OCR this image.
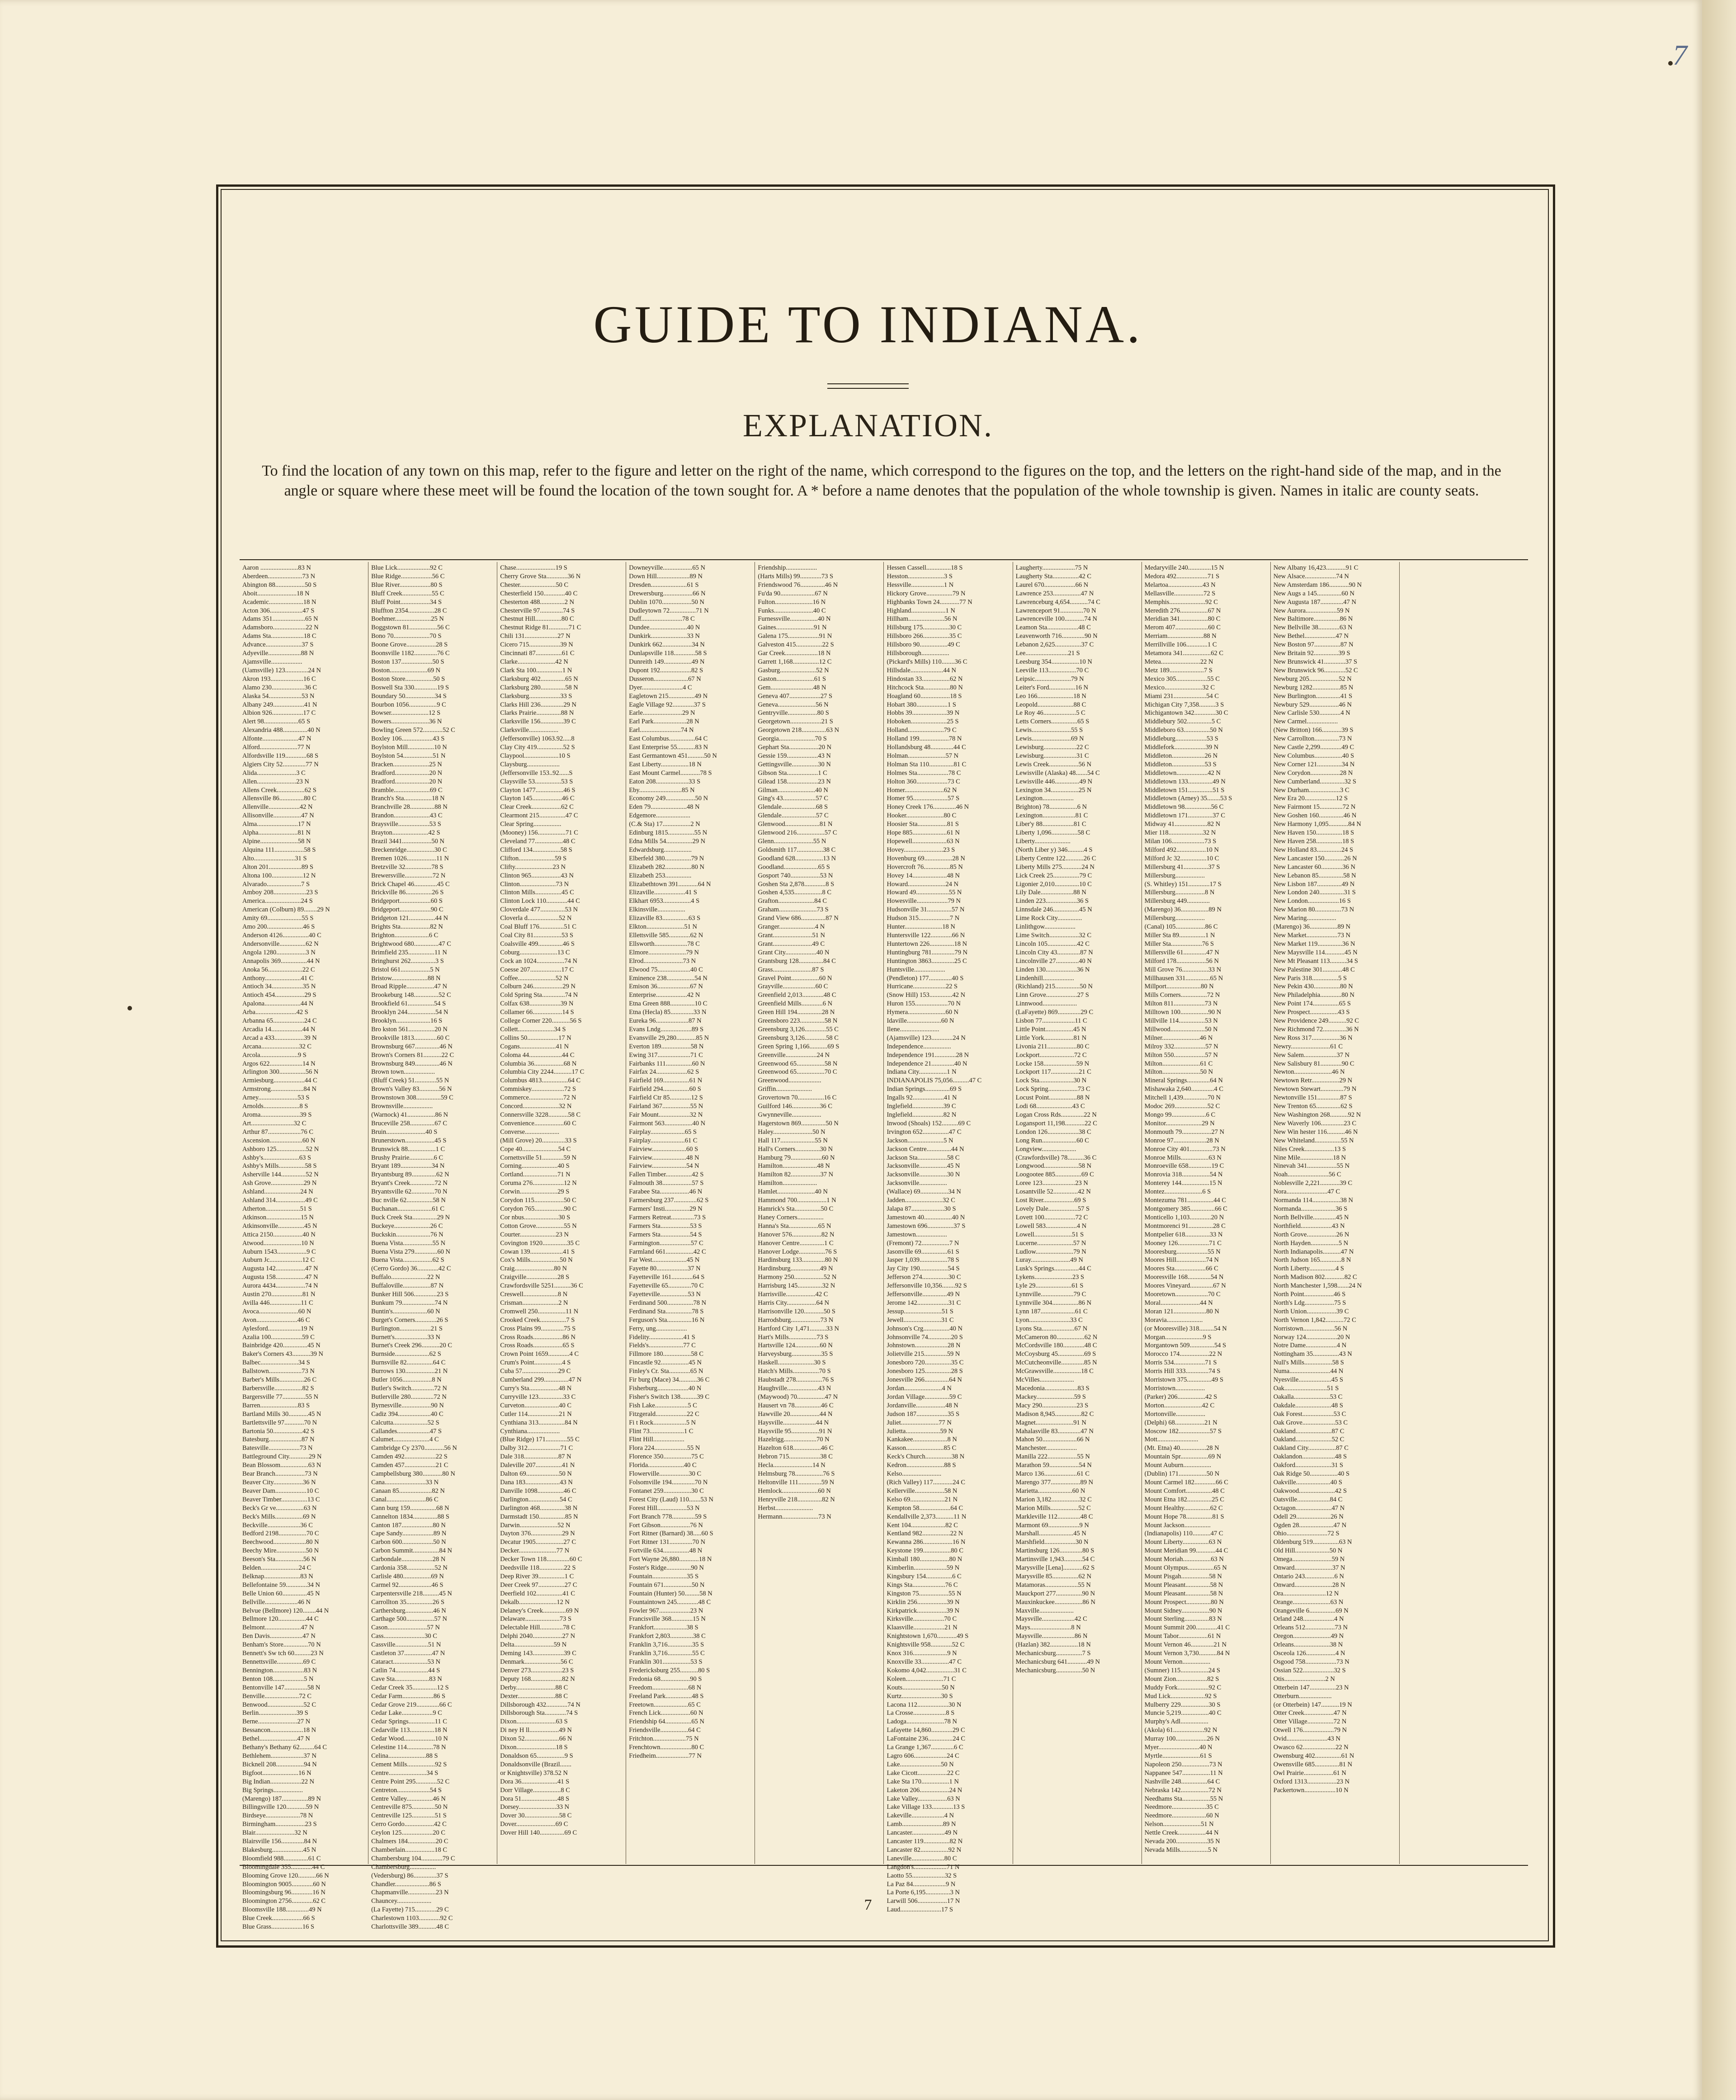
7
GUIDE TO INDIANA.
EXPLANATION.
To find the location of any town on this map, refer to the figure and letter on the right of the name, which correspond to the figures on the top, and the letters on the right-hand side of the map, and in the angle or square where these meet will be found the location of the town sought for. A * before a name denotes that the population of the whole township is given. Names in italic are county seats.
Aaron .......................83 N
Aberdeen.....................73 N
Abington 88..................50 S
Aboit........................18 N
Academic.....................18 N
Acton 306....................47 S
Adams 351....................65 N
Adamsboro....................22 N
Adams Sta....................18 C
Advance......................37 S
Adyeville....................88 N
Ajamsville...................
(Uamsville) 123..............24 N
Akron 193....................16 C
Alamo 230....................36 C
Alaska 54....................53 N
Albany 249...................41 N
Albion 926...................17 C
Alert 98.....................65 S
Alexandria 488...............40 N
Alfonte......................47 N
Alford.......................77 N
Alfordsville 119.............68 S
Algiers City 52..............77 N
Alida........................3 C
Allen........................23 N
Allens Creek.................62 S
Allensville 86...............80 C
Allenville...................42 N
Allisonville.................47 N
Alma.........................17 N
Alpha........................81 N
Alpine.......................58 N
Alquina 111..................58 S
Alto.........................31 S
Alton 201....................89 S
Altona 100...................12 N
Alvarado.....................7 S
Amboy 208....................23 S
America......................24 S
American (Colburn) 89........29 N
Amity 69.....................55 S
Amo 200......................46 S
Anderson 4126................40 C
Andersonville................62 N
Angola 1280..................3 N
Annapolis 369................44 N
Anoka 56.....................22 C
Anthony......................41 C
Antioch 34...................35 N
Antioch 454..................29 S
Apalona......................44 N
Arba.........................42 S
Arbanna 65...................24 C
Arcadia 14...................44 N
Arcad a 433..................39 N
Arcana.......................32 C
Arcola.......................9 S
Argos 622....................14 N
Arlington 300................56 N
Armiesburg...................44 C
Armstrong....................84 N
Arney........................53 S
Arnolds......................8 S
Aroma........................39 S
Art..........................32 C
Arthur 87....................76 C
Ascension....................60 N
Ashboro 125..................52 N
Ashby's......................63 S
Ashby's Mills................58 S
Asherville 144...............52 N
Ash Grove....................29 N
Ashland......................24 N
Ashland 314..................49 C
Atherton.....................51 S
Atkinson.....................15 N
Atkinsonville................45 N
Attica 2150..................40 N
Atwood.......................10 N
Auburn 1543..................9 C
Auburn Jc....................12 C
Augusta 142..................47 N
Augusta 158..................47 N
Aurora 4434..................74 N
Austin 270...................81 N
Avilla 446...................11 C
Avoca........................60 N
Avon.........................46 C
Aylesford....................19 N
Azalia 100...................59 C
Bainbridge 420...............45 N
Baker's Corners 43...........39 N
Balbec.......................34 S
Ballstown....................73 N
Barber's Mills...............26 C
Barbersville.................82 S
Bargersville 77..............55 N
Barren.......................83 S
Bartland Mills 30............45 N
Bartlettsville 97............70 N
Bartonia 50..................42 S
Batesburg....................87 N
Batesville...................73 N
Battleground City............29 N
Bean Blossom.................63 N
Bear Branch..................73 N
Beaver City..................36 N
Beaver Dam...................10 C
Beaver Timber................13 C
Beck's Gr ve.................63 N
Beck's Mills.................69 N
Beckville....................36 C
Bedford 2198.................70 C
Beechwood....................80 N
Beechy Mire..................50 N
Beeson's Sta.................56 N
Belden.......................24 C
Belknap......................83 N
Bellefontaine 59.............34 N
Belle Union 60...............45 N
Bellville....................46 N
Belvue (Bellmore) 120........44 N
Bellmore 120.................44 C
Belmont......................47 N
Ben Davis....................47 N
Benham's Store...............70 N
Bennett's Sw tch 60..........23 N
Bennettsville................69 C
Bennington...................83 N
Benton 108...................5 N
Bentonville 147..............58 N
Benville.....................72 C
Benwood......................52 C
Berlin.......................39 S
Berne........................27 N
Bessancon....................18 N
Bethel.......................47 N
Bethany's Bethany 62.........64 C
Bethlehem....................37 N
Bicknell 208.................94 N
Bigfoot......................16 N
Big Indian...................22 N
Big Springs..................
(Marengo) 187................89 N
Billingsville 120............59 N
Birdseye.....................78 N
Birmingham..................23 S
Blair........................32 N
Blairsville 156..............84 N
Blakesburg...................45 N
Bloomfield 988...............61 C
Bloomingdale 355.............44 C
Blooming Grove 120...........66 N
Bloomington 9005.............60 N
Bloomingsburg 96.............16 N
Bloomington 2756.............62 C
Bloomsville 188..............49 N
Blue Creek...................66 S
Blue Grass...................16 S
Blue Lick....................92 C
Blue Ridge...................56 C
Blue River...................80 S
Bluff Creek..................55 C
Bluff Point..................34 S
Bluffton 2354................28 C
Boehmer......................25 N
Boggstown 81.................56 C
Bono 70......................70 S
Boone Grove..................28 S
Boonsville 1182..............76 C
Boston 137...................50 S
Boston.......................69 N
Boston Store.................50 S
Boswell Sta 330..............19 S
Boundary 50..................34 S
Bourbon 1056.................9 C
Bowser.......................12 S
Bowers.......................36 N
Bowling Green 572............52 C
Boxley 106...................43 S
Boylston Mill................10 N
Boylston 54..................51 N
Bracken......................25 N
Bradford.....................20 N
Bradford.....................20 N
Bramble......................69 C
Branch's Sta.................18 N
Branchville 28...............88 N
Brandon......................43 C
Braysville...................53 S
Brayton......................42 S
Brazil 3441..................50 N
Breckenridge.................30 C
Bremen 1026..................11 N
Bretzville 32................78 S
Brewersville.................72 N
Brick Chapel 46..............45 C
Brickville 86................26 S
Bridgeport...................60 S
Bridgeport...................90 C
Bridgeton 121................44 N
Brights Sta..................82 N
Brighton.....................6 C
Brightwood 680...............47 C
Brimfield 235................11 N
Bringhurst 262...............3 S
Bristol 661..................5 N
Bristow......................88 N
Broad Ripple.................47 N
Brookeburg 148...............52 C
Brookfield 61................54 S
Brooklyn 244.................54 N
Brooklyn.....................16 S
Bro kston 561................20 N
Brookville 1813..............60 C
Brownsburg 667...............46 N
Brown's Corners 81...........22 C
Brownsburg 849...............46 N
Brown town...................
(Bluff Creek) 51.............55 N
Brown's Valley 83............56 N
Brownstown 308...............59 C
Brownsville..................
(Warnock) 41.................86 N
Bruceville 258...............67 C
Bruin........................40 S
Brunerstown..................45 S
Brunswick 88.................1 C
Brushy Prairie...............6 C
Bryant 189...................34 N
Bryantsburg 89...............62 N
Bryant's Creek...............72 N
Bryantsville 62..............70 N
Buc nville 62................58 N
Buchanan.....................61 C
Buck Creek Sta...............29 N
Buckeye......................26 C
Buckskin.....................76 N
Buena Vista..................55 N
Buena Vista 279..............60 N
Buena Vista..................62 S
(Cerro Gordo) 36.............42 C
Buffalo......................22 N
Buffaloville.................87 N
Bunker Hill 506..............23 S
Bunkum 79....................74 N
Buntin's.....................60 N
Burget's Corners.............26 S
Burlington...................21 S
Burnett's....................33 N
Burnet's Creek 296...........20 C
Burnside.....................62 S
Burnsville 82................64 C
Burrows 130..................21 N
Butler 1056..................8 N
Butler's Switch..............72 N
Butlerville 280..............72 N
Byrnesville..................90 N
Cadiz 394....................40 C
Calcutta.....................52 S
Callandes....................47 S
Calumet......................4 C
Cambridge Cy 2370............56 N
Camden 492...................22 S
Camden 457...................21 C
Campbellsburg 380............80 N
Cana.........................33 N
Canaan 85....................82 N
Canal........................86 C
Cann burg 159................68 N
Cannelton 1834...............88 S
Canton 187...................80 N
Cape Sandy...................89 N
Carbon 600...................50 N
Carbon Summit................84 N
Carbondale...................28 N
Cardonia 358.................52 N
Carlisle 480.................69 N
Carmel 92....................46 S
Carpentersville 218..........45 N
Carrollton 35................26 S
Carthersburg.................46 N
Carthage 500.................57 N
Cason........................57 N
Cass.........................30 C
Cassville....................51 N
Castleton 37.................47 N
Cataract.....................53 N
Catlin 74....................44 S
Cave Sta.....................83 N
Cedar Creek 35...............12 S
Cedar Farm...................86 S
Cedar Grove 219..............66 C
Cedar Lake...................9 C
Cedar Springs................11 C
Cedarville 113...............18 N
Cedar Wood...................10 N
Celestine 114................78 N
Celina.......................88 S
Cement Mills.................92 S
Centre.......................34 S
Centre Point 295.............52 C
Centreton....................54 S
Centre Valley................46 N
Centreville 875..............50 N
Centreville 125..............51 S
Cerro Gordo..................42 C
Ceylon 125...................20 C
Chalmers 184.................20 C
Chamberlain..................18 C
Chambersburg 104.............79 C
Chambersburg................
(Vedersburg) 86..............37 S
Chandler.....................86 S
Chapmanville.................23 N
Chauncey.....................
(La Fayette) 715.............29 C
Charlestown 1103.............92 C
Charlottsville 389...........48 C
Chase........................19 S
Cherry Grove Sta.............36 N
Chester......................50 C
Chesterfield 150.............40 C
Chesterton 488...............2 N
Chesterville 97..............74 S
Chestnut Hill................80 C
Chestnut Ridge 81............71 C
Chili 131....................27 N
Cicero 715...................39 N
Cincinnati 87................61 C
Clarke.......................42 N
Clark Sta 100................1 N
Clarksburg 402...............65 N
Clarksburg 280...............58 N
Clarksburg...................33 S
Clarks Hill 236..............29 N
Clarks Prairie...............88 N
Clarksville 156..............39 C
Clarksville..................
(Jeffersonville) 1063.92.....8
Clay City 419................52 S
Claypool.....................10 S
Claysburg....................
(Jeffersonville 153..92......S
Claysville 53................53 S
Clayton 1477.................46 S
Clayton 145..................46 C
Clear Creek..................62 C
Clearmont 215................47 C
Clear Spring.................
(Mooney) 156.................71 C
Cleveland 77.................48 C
Clifford 134.................58 S
Clifton......................59 S
Clifty.......................23 N
Clinton 965..................43 N
Clinton......................73 N
Clinton Mills................45 C
Clinton Lock 110.............44 C
Cloverdale 477...............53 N
Cloverla d...................52 N
Coal Bluff 176...............51 C
Coal City 81.................53 S
Coalsville 499...............46 S
Coburg.......................13 C
Cock an 1024.................74 N
Coesse 207...................17 C
Coffee.......................52 N
Colburn 246..................29 N
Cold Spring Sta..............74 N
Colfax 638...................39 N
Collamer 66..................14 S
College Corner 220...........56 S
Collett......................34 S
Collins 50...................17 N
Cogans......................41 N
Coloma 44....................44 C
Columbia 36..................68 N
Columbia City 2244...........17 C
Columbus 4813................64 C
Commiskey....................72 S
Commerce.....................72 N
Concord......................32 N
Connersville 3228............58 C
Convenience..................60 C
Converse.....................
(Mill Grove) 20..............33 S
Cope 40......................54 C
Cornettsville 51.............59 N
Corning......................40 S
Cortland.....................71 N
Coruma 276...................12 N
Corwin.......................29 S
Corydon 115..................50 C
Corydon 765..................90 C
Cor nbus.....................30 S
Cotton Grove.................55 N
Courter......................23 N
Covington 1920...............35 C
Cowan 139....................41 S
Cox's Mills..................50 N
Craig........................80 N
Craigville...................28 S
Crawfordsville 5251..........36 C
Creswell.....................8 N
Crisman......................2 N
Cromwell 250.................11 N
Crooked Creek................7 S
Cross Plains 99..............75 S
Cross Roads..................86 N
Cross Roads..................65 S
Crown Point 1659.............4 C
Crum's Point.................4 S
Cuba 57......................29 C
Cumberland 299...............47 N
Curry's Sta..................48 N
Curryville 123...............33 C
Curveton.....................40 C
Cutler 114...................21 N
Cynthiana 313................84 N
Cynthiana....................
(Blue Ridge) 171.............55 C
Dalby 312....................71 C
Dale 318.....................87 N
Daleville 207................41 N
Dalton 69....................50 N
Dana 183.....................43 N
Danville 1098................46 C
Darlington...................54 C
Darlington 468...............38 N
Darmstadt 150................85 N
Darwin.......................52 N
Dayton 376...................29 N
Decatur 1905.................27 C
Decker.......................77 N
Decker Town 118..............60 C
Deedsville 118...............22 S
Deep River 39................1 C
Deer Creek 97................27 C
Deerfield 102................41 C
Dekalb.......................12 N
Delaney's Creek..............69 N
Delaware.....................73 S
Delectable Hill..............78 C
Delphi 2040..................27 N
Delta........................59 N
Deming 143...................39 C
Denmark......................56 C
Denver 273...................23 S
Deputy 168...................82 N
Derby........................88 C
Dexter.......................88 C
Dillsborough 432.............74 N
Dillsborough Sta.............74 S
Dixon........................63 S
Di ney H ll..................49 N
Dixon 52.....................66 N
Dixon........................18 S
Donaldson 65.................9 S
Donaldsonville (Brazil.......
or Knightsville) 378.52 N
Dora 36......................41 S
Dorr Village.................8 C
Dora 51......................48 S
Dorsey.......................33 N
Dover 30.....................58 C
Dover........................69 C
Dover Hill 140...............69 C
Downeyville..................65 N
Down Hill....................89 N
Dresden......................61 S
Drewersburg..................66 N
Dublin 1070..................50 N
Dudleytown 72................71 N
Duff.........................78 C
Dundee.......................40 N
Dunkirk......................33 N
Dunkirk 662..................34 N
Dunlapsville 118.............58 S
Dunreith 149.................49 N
Dupont 192...................82 S
Dusseron.....................67 N
Dyer.........................4 C
Eagletown 215................49 N
Eagle Village 92.............37 S
Earle........................29 N
Earl Park....................28 N
Earl.........................74 N
East Columbus................64 C
East Enterprise 55...........83 N
East Germantown 451..........50 N
East Liberty.................18 N
East Mount Carmel............78 S
Eaton 208....................33 S
Eby..........................85 N
Economy 249..................50 N
Eden 79......................48 N
Edgemore.....................
(C.& Sta) 17.................2 N
Edinburg 1815................55 N
Edna Mills 54................29 N
Edwardsburg.................
Elberfeld 380................79 N
Elizabeth 282................80 N
Elizabeth 253................
Elizabethtown 391............64 N
Elizaville...................41 S
Elkhart 6953.................4 S
Elkinsville.................
Elizaville 83................63 S
Elkton.......................51 N
Ellettsville 585.............62 N
Ellsworth....................78 C
Elmore.......................79 N
Elrod........................73 N
Elwood 75....................40 C
Eminence 238.................54 N
Emison 36....................67 N
Enterprise...................42 N
Etna Green 888...............10 C
Etna (Hecla) 85..............33 N
Eureka 96....................87 N
Evans Lndg...................89 S
Evansville 29,280............85 N
Everton 189..................58 N
Ewing 317....................71 C
Fairbanks 111................60 N
Fairfax 24...................62 S
Fairfield 169................61 N
Fairfield 294................60 S
Fairfield Ctr 85.............12 S
Fairland 367.................55 N
Fair Mount...................32 N
Fairmont 563.................40 N
Fairplay.....................65 S
Fairplay.....................61 C
Fairview.....................60 S
Fairview.....................48 N
Fairview.....................54 N
Fallen Timber................42 S
Falmouth 38..................57 S
Farabee Sta..................46 N
Farmersburg 237..............62 S
Farmers' Insti...............29 N
Farmers Retreat..............73 S
Farmers Sta..................53 S
Farmers Sta..................54 S
Farmington...................57 C
Farmland 661.................42 C
Far West.....................45 N
Fayette 80...................37 N
Fayetteville 161.............64 S
Fayetteville 65..............70 C
Fayetteville.................53 N
Ferdinand 500................78 N
Ferdinand Sta................78 S
Ferguson's Sta...............16 N
Ferry, ung...................
Fidelity.....................41 S
Fields's.....................77 C
Fillmore 180.................58 C
Fincastle 92.................45 N
Finley's Cr. Sta.............65 N
Fir burg (Mace) 34...........36 C
Fisherburg...................40 N
Fisher's Switch 138..........39 C
Fish Lake....................5 C
Fitzgerald...................22 C
Fi t Rock....................5 N
Flint 73.....................1 C
Flint Hill...................
Flora 224....................55 N
Florence 350.................75 C
Florida......................40 C
Flowerville..................30 C
Folsomville 194..............70 N
Fontanet 259.................30 C
Forest City (Laud) 110.......53 N
Forest Hill..................53 N
Fort Branch 778..............59 S
Fort Gibson..................76 N
Fort Ritner (Barnard) 38.....60 S
Fort Ritner 131..............70 N
Fortville 634................48 N
Fort Wayne 26,880............18 N
Foster's Ridge...............90 N
Fountain.....................35 S
Fountain 671.................50 N
Fountain (Hunter) 50.........58 N
Fountaintown 245.............48 C
Fowler 967...................23 N
Francisville 368.............15 N
Frankfort....................38 S
Frankfort 2,803..............38 C
Franklin 3,716...............35 S
Franklin 3,716...............55 C
Franklin 301.................53 S
Fredericksburg 255...........80 S
Fredonia 68..................90 S
Freedom......................68 N
Freeland Park................48 S
Freetown.....................65 C
French Lick..................60 N
Friendship 64................65 N
Friendsville.................64 C
Fritchton....................75 N
Frenchtown...................80 C
Friedheim....................77 N
Friendship...................
(Harts Mills) 99.............73 S
Friendswood 76...............46 N
Fu'da 90.....................67 N
Fulton.......................16 N
Funks........................40 C
Furnessville.................40 N
Gaines.......................91 N
Galena 175...................91 N
Galveston 415................22 S
Gar Creek....................18 N
Garrett 1,168................12 C
Gasburg......................52 N
Gaston.......................61 S
Gem..........................48 N
Geneva 407...................27 S
Geneva.......................56 N
Gentryville..................80 S
Georgetown...................21 S
Georgetown 218...............63 N
Georgia......................70 S
Gephart Sta..................20 N
Gessie 159...................43 N
Gettingsville................30 N
Gibson Sta...................1 C
Gilead 158...................23 N
Gilman.......................40 N
Ging's 43....................57 C
Glendale.....................68 S
Glendale.....................57 C
Glenwood.....................81 N
Glenwood 216.................57 C
Glenn........................55 N
Goldsmith 117................38 C
Goodland 628.................13 N
Goodland.....................65 S
Gosport 740..................53 N
Goshen Sta 2,878.............8 S
Goshen 4,535.................8 C
Grafton......................84 C
Graham.......................73 S
Grand View 686...............87 N
Granger......................4 N
Grant........................51 N
Grant........................49 C
Grant City...................40 N
Grantsburg 128...............84 C
Grass........................87 S
Gravel Point.................60 N
Grayville....................60 C
Greenfield 2,013.............48 C
Greenfield Mills.............6 N
Green Hill 194...............28 N
Greensboro 223...............58 N
Greensburg 3,126.............55 C
Greensburg 3,126.............58 C
Green Spring 1,166...........69 S
Greenville...................24 N
Greenwood 65.................58 N
Greenwood 65.................70 C
Greenwood....................
Griffin......................
Grovertown 70................16 C
Guilford 146.................36 C
Gwynneville..................
Hagerstown 869...............50 N
Haley........................50 N
Hall 117.....................55 N
Hall's Corners...............30 N
Hamburg 79...................60 N
Hamilton.....................48 N
Hamilton 82..................37 N
Hamilton.....................
Hamlet.......................40 N
Hammond 700..................1 N
Hamrick's Sta................50 C
Haney Corners................
Hanna's Sta..................65 N
Hanover 576..................82 N
Hanover Centre...............1 C
Hanover Lodge................76 S
Hardinsburg 133..............80 N
Hardinsburg..................49 N
Harmony 250..................52 N
Harrisburg 145...............32 N
Harrisville..................42 C
Harris City..................64 N
Harrisonville 120............50 S
Harrodsburg..................73 N
Hartford City 1,471..........33 N
Hart's Mills.................73 S
Hartsville 124...............60 N
Harveysburg..................35 S
Haskell......................30 S
Hatch's Mills................70 S
Haubstadt 278................76 S
Haughville...................43 N
(Maywood) 70.................47 N
Hausert vn 78................46 C
Hawville 20..................44 N
Haysville....................44 N
Haysville 95.................91 N
Hazelrigg....................70 N
Hazelton 618.................46 C
Hebron 715...................38 C
Hecla........................14 N
Helmsburg 78.................76 S
Heltonville 111..............59 N
Hemlock......................60 N
Henryville 218...............82 N
Herbst.......................
Hermann......................73 N
Hessen Cassell...............18 S
Hesston......................3 S
Hessville....................1 N
Hickory Grove................79 N
Highbanks Town 24............77 N
Highland.....................1 N
Hillham......................56 N
Hillsburg 175................30 C
Hillsboro 266................35 C
Hillsboro 90.................49 C
Hillsborough.................
(Pickard's Mills) 110........36 C
Hillsdale....................44 N
Hindostan 33.................62 N
Hitchcock Sta................80 N
Hoagland 60..................18 S
Hobart 380...................1 S
Hobbs 39.....................39 N
Hoboken......................25 S
Holland......................79 C
Holland 199..................78 N
Hollandsburg 48..............44 C
Holman.......................57 N
Holman Sta 110...............81 C
Holmes Sta...................78 C
Holton 360...................73 C
Homer........................62 N
Homer 95.....................57 S
Honey Creek 176..............46 N
Hooker.......................80 C
Hoosier Sta..................81 S
Hope 885.....................61 N
Hopewell.....................63 N
Hovey........................23 S
Hovenburg 69.................28 N
Hovercroft 76................85 N
Hovey 14.....................48 N
Howard.......................24 N
Howard 49....................55 N
Howesville...................79 N
Hudsonville 31...............57 N
Hudson 315...................7 N
Hunter.......................18 N
Huntersville 122.............66 N
Huntertown 226...............18 N
Huntingburg 781..............79 N
Huntington 3863..............25 C
Huntsville...................
(Pendleton) 177..............40 S
Hurricane....................22 S
(Snow Hill) 153..............42 N
Huron 155....................70 N
Hymera.......................60 N
Idaville.....................60 N
Ilene........................
(Ajamsville) 123.............24 N
Independence.................
Independence 191.............28 N
Independence 21..............40 N
Indiana City.................1 N
INDIANAPOLIS 75,056..........47 C
Indian Springs...............69 S
Ingalls 92...................41 N
Inglefield...................39 C
Inglefield...................82 N
Inwood (Shoals) 152..........69 C
Irvington 652................47 C
Jackson......................5 N
Jackson Centre...............44 N
Jackson Sta..................58 C
Jacksonville.................45 N
Jacksonville.................30 N
Jacksonville.................
(Wallace) 69.................34 N
Jadden.......................32 C
Jalapa 87....................30 S
Jamestown 40.................40 N
Jamestown 696................37 S
Jamestown...................
(Fremont) 72.................7 N
Jasonville 69................61 S
Jasper 1,039.................78 S
Jay City 190.................54 S
Jefferson 274................30 C
Jeffersonville 10,356........92 S
Jeffersonville...............49 N
Jerome 142...................31 C
Jessup.......................51 S
Jewell.......................31 C
Johnson's Crg................40 N
Johnsonville 74..............20 S
Johnstown....................28 N
Jolietville 215..............59 N
Jonesboro 720................35 C
Jonesboro 125................28 S
Jonesville 266...............64 N
Jordan.......................4 N
Jordan Village...............59 C
Jordanville..................48 N
Judson 187...................35 S
Juliet.......................77 N
Julietta.....................59 N
Kankakee.....................8 N
Kasson.......................85 C
Keck's Church................38 N
Kedron.......................88 S
Kelso........................
(Rich Valley) 117............24 C
Kellerville..................58 N
Kelso 69.....................21 N
Kempton 58...................64 C
Kendallville 2,373...........11 N
Kent 104.....................82 C
Kentland 982.................22 N
Kewanna 286..................16 N
Keystone 199.................80 C
Kimball 180..................80 N
Kimberlin....................59 N
Kingsbury 154................6 C
Kings Sta....................76 C
Kingston 75..................55 N
Kirklin 256..................39 N
Kirkpatrick..................39 N
Kirksville...................70 C
Klaasville...................21 N
Knightstown 1,670............49 S
Knightsville 958.............52 C
Knox 316.....................9 N
Knoxville 33.................47 C
Kokomo 4,042.................31 C
Koleen.......................71 C
Kouts........................50 N
Kurtz........................30 S
Lacona 112...................30 N
La Crosse....................8 S
Ladoga.......................78 N
Lafayette 14,860.............29 C
LaFontaine 236...............24 C
La Grange 1,367..............6 C
Lagro 606....................24 C
Lake.........................50 N
Lake Cicott..................22 C
Lake Sta 170.................1 N
Laketon 206..................24 N
Lake Valley..................63 N
Lake Village 133.............13 S
Lakeville....................4 N
Lamb.........................89 N
Lancaster....................49 N
Lancaster 119................82 N
Lancaster 82.................92 N
Laneville....................80 C
Langdon's....................71 N
Laotto 55....................32 S
La Paz 84....................9 N
La Porte 6,195...............3 N
Larwill 506..................17 N
Laud.........................17 S
Laugherty....................75 N
Laugherty Sta................42 C
Laurel 670...................66 N
Lawrence 253.................47 N
Lawrenceburg 4,654...........74 C
Lawrenceport 91..............70 N
Lawrenceville 100............74 N
Leamon Sta...................48 C
Leavenworth 716..............90 N
Lebanon 2,625................37 C
Lee..........................21 S
Leesburg 354.................10 N
Leeville 113.................70 C
Leipsic......................79 N
Leiter's Ford................16 N
Leo 166......................18 N
Leopold......................88 C
Le Roy 46....................5 C
Letts Corners................65 S
Lewis........................55 S
Lewis........................69 N
Lewisburg....................22 C
Lewisburg....................31 C
Lewis Creek..................56 N
Lewisville (Alaska) 48.......54 C
Lewisville 446...............49 N
Lexington 34.................25 N
Lexington...................
Brighton) 78.................6 N
Lexington....................81 C
Liber'y 88...................81 C
Liberty 1,096................58 C
Liberty......................
(North Liber y) 346..........4 S
Liberty Centre 122...........26 C
Liberty Mills 275............24 N
Lick Creek 25................79 C
Ligonier 2,010...............10 C
Lily Dale....................88 N
Linden 223...................36 S
Linnsdale 246................45 N
Lime Rock City...............
Linlithgow...................
Lime Switch..................32 C
Lincoln 105..................42 C
Lincoln City 43..............87 N
Lincolnville 27..............40 N
Linden 130...................36 N
Lindenhill...................
(Richland) 215...............50 N
Linn Grove...................27 S
Linnwood.....................
(LaFayette) 869..............29 C
Lisbon 77....................11 C
Little Point.................45 N
Little York..................81 N
Livonia 211..................80 C
Lockport.....................72 C
Locke 158....................59 N
Lockport 117.................21 C
Lock Sta.....................30 N
Lock Spring..................73 C
Locust Point.................88 N
Lodi 68......................43 C
Logan Cross Rds..............22 N
Logansport 11,198............22 C
London 126...................38 C
Long Run.....................60 C
Longview.....................
(Crawfordsville) 78..........36 C
Longwood.....................58 N
Loogootee 885................69 C
Loree 123....................23 N
Losantville 52...............42 N
Lost River...................69 S
Lovely Dale..................57 S
Lovett 100...................72 C
Lowell 583...................4 N
Lowell.......................51 S
Lucerne......................57 N
Ludlow.......................79 N
Luray........................49 N
Lusk's Springs...............44 C
Lykens.......................23 S
Lyle 29......................61 S
Lynnville....................79 C
Lynnville 304................86 N
Lynn 187.....................61 C
Lyon.........................33 C
Lyons Sta....................67 N
McCameron 80.................62 N
McCordsville 180.............48 C
McCoysburg 45................69 S
McCutcheonville..............85 N
McGrawsville.................18 C
McVilles.....................
Macedonia....................83 S
Mackey.......................59 S
Macy 290.....................23 S
Madison 8,945................82 C
Magnet.......................91 N
Mahalasville 83..............47 N
Mahon 50.....................66 N
Manchester...................
Manilla 222..................55 N
Marathon 59..................54 N
Marco 136....................61 C
Marengo 377..................89 N
Marietta.....................60 N
Marion 3,182.................32 C
Marion Mills.................52 C
Markleville 112..............48 C
Marmont 69...................9 N
Marshall.....................45 N
Marshfield...................30 N
Martinsburg 126..............80 S
Martinsville 1,943...........54 C
Marysville [Lena]............62 S
Marysville 85................62 N
Matamoras....................55 N
Mauckport 277................90 N
Mauxinkuckee.................86 N
Maxville.....................
Maysville....................42 C
Mays.........................8 N
Maysville....................86 N
(Hazlan) 382.................18 N
Mechanicsburg................7 S
Mechanicsburg 641............49 N
Mechanicsburg................50 N
Medaryville 240..............15 N
Medora 492...................71 S
Melartoa.....................43 N
Mellasville..................72 S
Memphis......................92 C
Meredith 276.................67 N
Meridian 341.................80 C
Merom 407....................60 C
Merriam......................88 N
Merrillville 106.............1 C
Metamora 341.................62 C
Metea........................22 N
Metz 189.....................7 S
Mexico 305...................55 C
Mexico.......................32 C
Miami 231....................54 C
Michigan City 7,358..........3 S
Michigantown 342.............30 C
Middlebury 502...............5 C
Middleboro 63................50 N
Middleburg...................53 S
Middlefork...................39 N
Middleton....................26 N
Middleton....................53 S
Middletown...................42 N
Middletown 133...............49 N
Middletown 151...............51 S
Middletown (Arney) 35........53 S
Middletown 98................56 C
Middletown 171...............37 C
Midway 41....................82 N
Mier 118.....................32 N
Milan 106....................73 S
Milford 492..................10 N
Milford Jc 32................10 C
Millersburg 41...............37 S
Millersburg..................
(S. Whitley) 151.............17 S
Millersburg..................8 N
Millersburg 449..............
(Marengo) 36.................89 N
Millersburg..................
(Canal) 105..................86 C
Miller Sta 89................1 N
Miller Sta...................76 S
Millersville 61..............47 N
Milford 178..................56 N
Mill Grove 76................33 N
Millhausen 331...............65 N
Millport.....................80 N
Mills Corners................72 N
Milton 811...................73 N
Milltown 100.................90 N
Millville 114................53 N
Millwood.....................50 N
Milner.......................46 N
Milroy 332...................57 N
Milton 550...................57 N
Milton.......................61 C
Milton.......................50 N
Mineral Springs..............64 N
Mishawaka 2,640..............4 C
Mitchell 1,439...............70 N
Modoc 269....................52 C
Mongo 99.....................6 C
Monitor......................29 N
Monmouth 79..................27 N
Monroe 97....................28 N
Monroe City 401..............73 N
Monroe Mills.................63 N
Monroeville 658..............19 C
Monrovia 318.................54 N
Monterey 144.................15 N
Montez.......................6 S
Montezuma 781................44 C
Montgomery 385...............66 C
Monticello 1,103.............20 N
Montmorenci 91...............28 C
Montpelier 618...............33 N
Mooney 126...................71 C
Mooresburg...................55 N
Moores Hill..................74 N
Moores Sta...................66 C
Mooresville 168..............54 N
Moores Vineyard..............67 N
Mooretown....................70 C
Moral........................44 N
Moran 121....................80 N
Moravia......................
(or Mooresville) 318.........54 N
Morgan.......................9 S
Morgantown 509...............54 S
Morocco 174..................22 N
Morris 534...................71 S
Morris Hill 333..............74 S
Morristown 375...............49 S
Morristown..................
(Parker) 206.................42 S
Morton.......................42 C
Mortonville..................
(Delphi) 68..................21 N
Moscow 182...................57 S
Mott.........................
(Mt. Etna) 40................28 N
Mountain Spr.................69 N
Mount Auburn.................
(Dublin) 171.................50 N
Mount Carmel 182.............66 C
Mount Comfort................48 C
Mount Etna 182...............25 C
Mount Healthy................62 C
Mount Hope 78................81 S
Mount Jackson................
(Indianapolis) 110...........47 C
Mount Liberty................63 N
Mount Meridian 99............44 C
Mount Moriah.................63 N
Mount Olympus................65 N
Mount Pisgah.................58 N
Mount Pleasant...............58 N
Mount Pleasant...............58 N
Mount Prospect...............80 N
Mount Sidney.................90 N
Mount Sterling...............83 N
Mount Summit 200.............41 C
Mount Tabor..................61 N
Mount Vernon 46..............21 N
Mount Vernon 3,730...........84 N
Mount Vernon.................
(Sumner) 115.................24 S
Mount Zion...................82 S
Muddy Fork...................92 C
Mud Lick.....................92 S
Mulberry 229.................30 S
Muncie 5,219.................40 C
Murphy's Adl.................
(Akola) 61...................92 N
Murray 100...................26 N
Myer.........................40 N
Myrtle.......................61 S
Napoleon 250.................73 N
Nappanee 547.................11 N
Nashville 248................64 C
Nebraska 142.................72 N
Needhams Sta.................55 N
Needmore.....................35 C
Needmore.....................60 N
Nelson.......................51 N
Nettle Creek.................44 N
Nevada 200...................35 N
Nevada Mills.................5 N
New Albany 16,423............91 C
New Alsace...................74 N
New Amsterdam 186............90 N
New Augs a 145...............60 N
New Augusta 187..............47 N
New Aurora...................59 N
New Baltimore................86 N
New Bellville 38.............63 N
New Bethel...................47 N
New Boston 97................87 N
New Britain 92...............39 S
New Brunswick 41.............37 S
New Brunswick 96.............52 C
Newburg 205..................52 N
Newburg 1282.................85 N
New Burlington...............41 S
Newbury 529..................46 N
New Carlisle 530.............4 N
New Carmel...................
(New Britton) 166............39 S
New Carrollton...............73 N
New Castle 2,299.............49 C
New Columbus.................40 S
New Corner 121...............34 N
New Corydon..................28 N
New Cumberland...............32 S
New Durham...................3 C
New Era 20...................12 S
New Fairmont 15..............72 N
New Goshen 160...............46 N
New Harmony 1,095............84 N
New Haven 150................18 S
New Haven 258................18 S
New Holland 83...............24 S
New Lancaster 150............26 N
New Lancaster 60.............36 N
New Lebanon 85...............58 N
New Lisbon 187...............49 N
New London 240...............31 S
New London...................16 S
New Marion 80................73 N
New Maring..................
(Marengo) 36.................89 N
New Market...................73 N
New Market 119...............36 N
New Maysville 114............45 N
New Mt Pleasant 113..........34 S
New Palestine 301............48 C
New Paris 318................5 S
New Pekin 430................80 N
New Philadelphia.............80 N
New Point 174................65 S
New Prospect.................43 S
New Providence 249...........92 C
New Richmond 72..............36 N
New Ross 317.................36 N
Newry........................61 C
New Salem....................37 N
New Salisbury 81.............90 C
Newton.......................46 N
Newtown Retr.................29 N
Newtown Stewart..............79 N
Newtonville 151..............87 S
New Trenton 65...............62 S
New Washington 268...........92 N
New Waverly 106..............23 C
New Win hester 116...........46 N
New Whiteland................55 N
Niles Creek..................13 S
Nine Mile....................18 N
Ninevah 341..................55 N
Noah.........................56 C
Noblesville 2,221............39 C
Nora.........................47 C
Normanda 114.................38 N
Normanda.....................36 S
North Bellville..............45 N
Northfield...................43 N
North Grove..................26 N
North Hayden.................5 N
North Indianapolis...........47 N
North Judson 165.............8 N
North Liberty................4 S
North Madison 802............82 C
North Manchester 1,598.......24 N
North Point..................46 S
North's Ldg..................75 S
North Union..................39 C
North Vernon 1,842...........72 C
Norristown...................56 N
Norway 124...................20 N
Notre Dame...................4 N
Nottingham 35................43 N
Null's Mills.................58 S
Numa.........................44 N
Nyesville....................45 S
Oak..........................51 S
Oakalla......................53 C
Oakdale......................48 S
Oak Forest...................53 C
Oak Grove....................53 C
Oakland......................87 C
Oakland......................52 C
Oakland City.................87 C
Oaklandon....................48 S
Oakford......................31 S
Oak Ridge 50.................40 S
Oakville.....................40 S
Oakwood......................42 S
Oatsville....................84 C
Octagon......................47 N
Odell 29.....................26 N
Ogden 28.....................47 N
Ohio.........................72 S
Oldenburg 519................63 N
Old Hill.....................50 N
Omega........................59 N
Onward.......................37 N
Ontario 243..................6 N
Onward.......................28 N
Ora..........................12 N
Orange.......................63 N
Orangeville 6................69 N
Orland 248...................4 N
Orleans 512..................73 N
Oregon.......................49 N
Orleans......................38 N
Osceola 126..................4 N
Osgood 758...................73 N
Ossian 522...................32 S
Otis.........................2 N
Otterbein 147................23 N
Otterburn....................
(or Otterbein) 147...........19 N
Otter Creek..................47 N
Otter Village................72 N
Otwell 176...................79 N
Ovid.........................43 N
Owasco 62....................22 N
Owensburg 402................61 N
Owensville 685...............81 N
Owl Prairie..................61 N
Oxford 1313..................23 N
Packertown...................10 N
7
